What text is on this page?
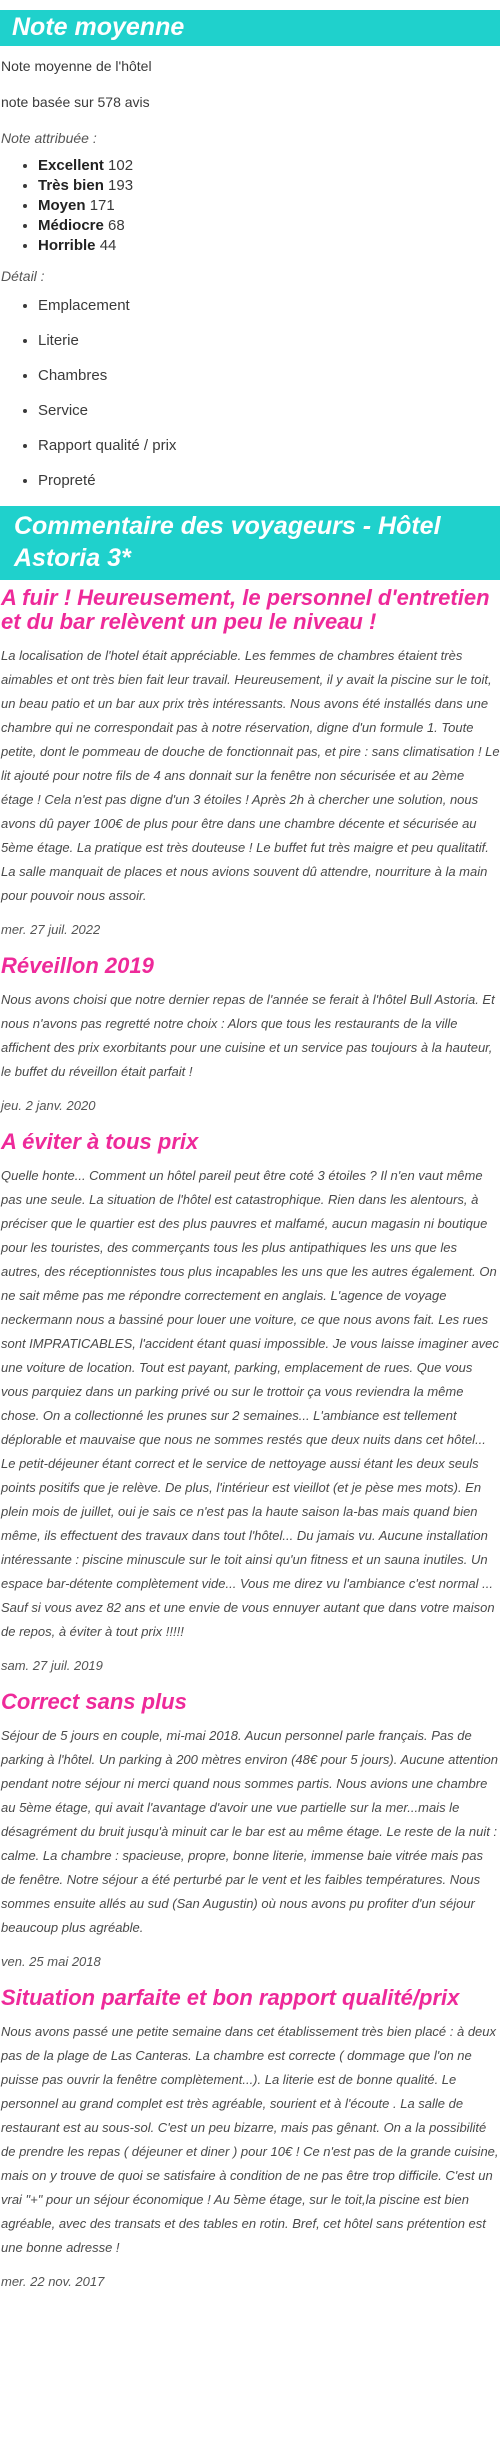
Note moyenne

Note moyenne de l'hôtel

note basée sur 578 avis

Note attribuée :

• Excellent 102
• Très bien 193
• Moyen 171
• Médiocre 68
• Horrible 44

Détail :

• Emplacement
• Literie
• Chambres
• Service
• Rapport qualité / prix
• Propreté
Commentaire des voyageurs - Hôtel Astoria 3*
A fuir ! Heureusement, le personnel d'entretien et du bar relèvent un peu le niveau !

La localisation de l'hotel était appréciable. Les femmes de chambres étaient très aimables et ont très bien fait leur travail. Heureusement, il y avait la piscine sur le toit, un beau patio et un bar aux prix très intéressants. Nous avons été installés dans une chambre qui ne correspondait pas à notre réservation, digne d'un formule 1. Toute petite, dont le pommeau de douche de fonctionnait pas, et pire : sans climatisation ! Le lit ajouté pour notre fils de 4 ans donnait sur la fenêtre non sécurisée et au 2ème étage ! Cela n'est pas digne d'un 3 étoiles ! Après 2h à chercher une solution, nous avons dû payer 100€ de plus pour être dans une chambre décente et sécurisée au 5ème étage. La pratique est très douteuse ! Le buffet fut très maigre et peu qualitatif. La salle manquait de places et nous avions souvent dû attendre, nourriture à la main pour pouvoir nous assoir.

mer. 27 juil. 2022

Réveillon 2019

Nous avons choisi que notre dernier repas de l'année se ferait à l'hôtel Bull Astoria. Et nous n'avons pas regretté notre choix : Alors que tous les restaurants de la ville affichent des prix exorbitants pour une cuisine et un service pas toujours à la hauteur, le buffet du réveillon était parfait !

jeu. 2 janv. 2020

A éviter à tous prix

Quelle honte... Comment un hôtel pareil peut être coté 3 étoiles ? Il n'en vaut même pas une seule. La situation de l'hôtel est catastrophique. Rien dans les alentours, à préciser que le quartier est des plus pauvres et malfamé, aucun magasin ni boutique pour les touristes, des commerçants tous les plus antipathiques les uns que les autres, des réceptionnistes tous plus incapables les uns que les autres également. On ne sait même pas me répondre correctement en anglais. L'agence de voyage neckermann nous a bassiné pour louer une voiture, ce que nous avons fait. Les rues sont IMPRATICABLES, l'accident étant quasi impossible. Je vous laisse imaginer avec une voiture de location. Tout est payant, parking, emplacement de rues. Que vous vous parquiez dans un parking privé ou sur le trottoir ça vous reviendra la même chose. On a collectionné les prunes sur 2 semaines... L'ambiance est tellement déplorable et mauvaise que nous ne sommes restés que deux nuits dans cet hôtel... Le petit-déjeuner étant correct et le service de nettoyage aussi étant les deux seuls points positifs que je relève. De plus, l'intérieur est vieillot (et je pèse mes mots). En plein mois de juillet, oui je sais ce n'est pas la haute saison la-bas mais quand bien même, ils effectuent des travaux dans tout l'hôtel... Du jamais vu. Aucune installation intéressante : piscine minuscule sur le toit ainsi qu'un fitness et un sauna inutiles. Un espace bar-détente complètement vide... Vous me direz vu l'ambiance c'est normal ... Sauf si vous avez 82 ans et une envie de vous ennuyer autant que dans votre maison de repos, à éviter à tout prix !!!!!

sam. 27 juil. 2019

Correct sans plus

Séjour de 5 jours en couple, mi-mai 2018. Aucun personnel parle français. Pas de parking à l'hôtel. Un parking à 200 mètres environ (48€ pour 5 jours). Aucune attention pendant notre séjour ni merci quand nous sommes partis. Nous avions une chambre au 5ème étage, qui avait l'avantage d'avoir une vue partielle sur la mer...mais le désagrément du bruit jusqu'à minuit car le bar est au même étage. Le reste de la nuit : calme. La chambre : spacieuse, propre, bonne literie, immense baie vitrée mais pas de fenêtre. Notre séjour a été perturbé par le vent et les faibles températures. Nous sommes ensuite allés au sud (San Augustin) où nous avons pu profiter d'un séjour beaucoup plus agréable.

ven. 25 mai 2018

Situation parfaite et bon rapport qualité/prix

Nous avons passé une petite semaine dans cet établissement très bien placé : à deux pas de la plage de Las Canteras. La chambre est correcte ( dommage que l'on ne puisse pas ouvrir la fenêtre complètement...). La literie est de bonne qualité. Le personnel au grand complet est très agréable, sourient et à l'écoute . La salle de restaurant est au sous-sol. C'est un peu bizarre, mais pas gênant. On a la possibilité de prendre les repas ( déjeuner et diner ) pour 10€ ! Ce n'est pas de la grande cuisine, mais on y trouve de quoi se satisfaire à condition de ne pas être trop difficile. C'est un vrai "+" pour un séjour économique ! Au 5ème étage, sur le toit,la piscine est bien agréable, avec des transats et des tables en rotin. Bref, cet hôtel sans prétention est une bonne adresse !

mer. 22 nov. 2017
